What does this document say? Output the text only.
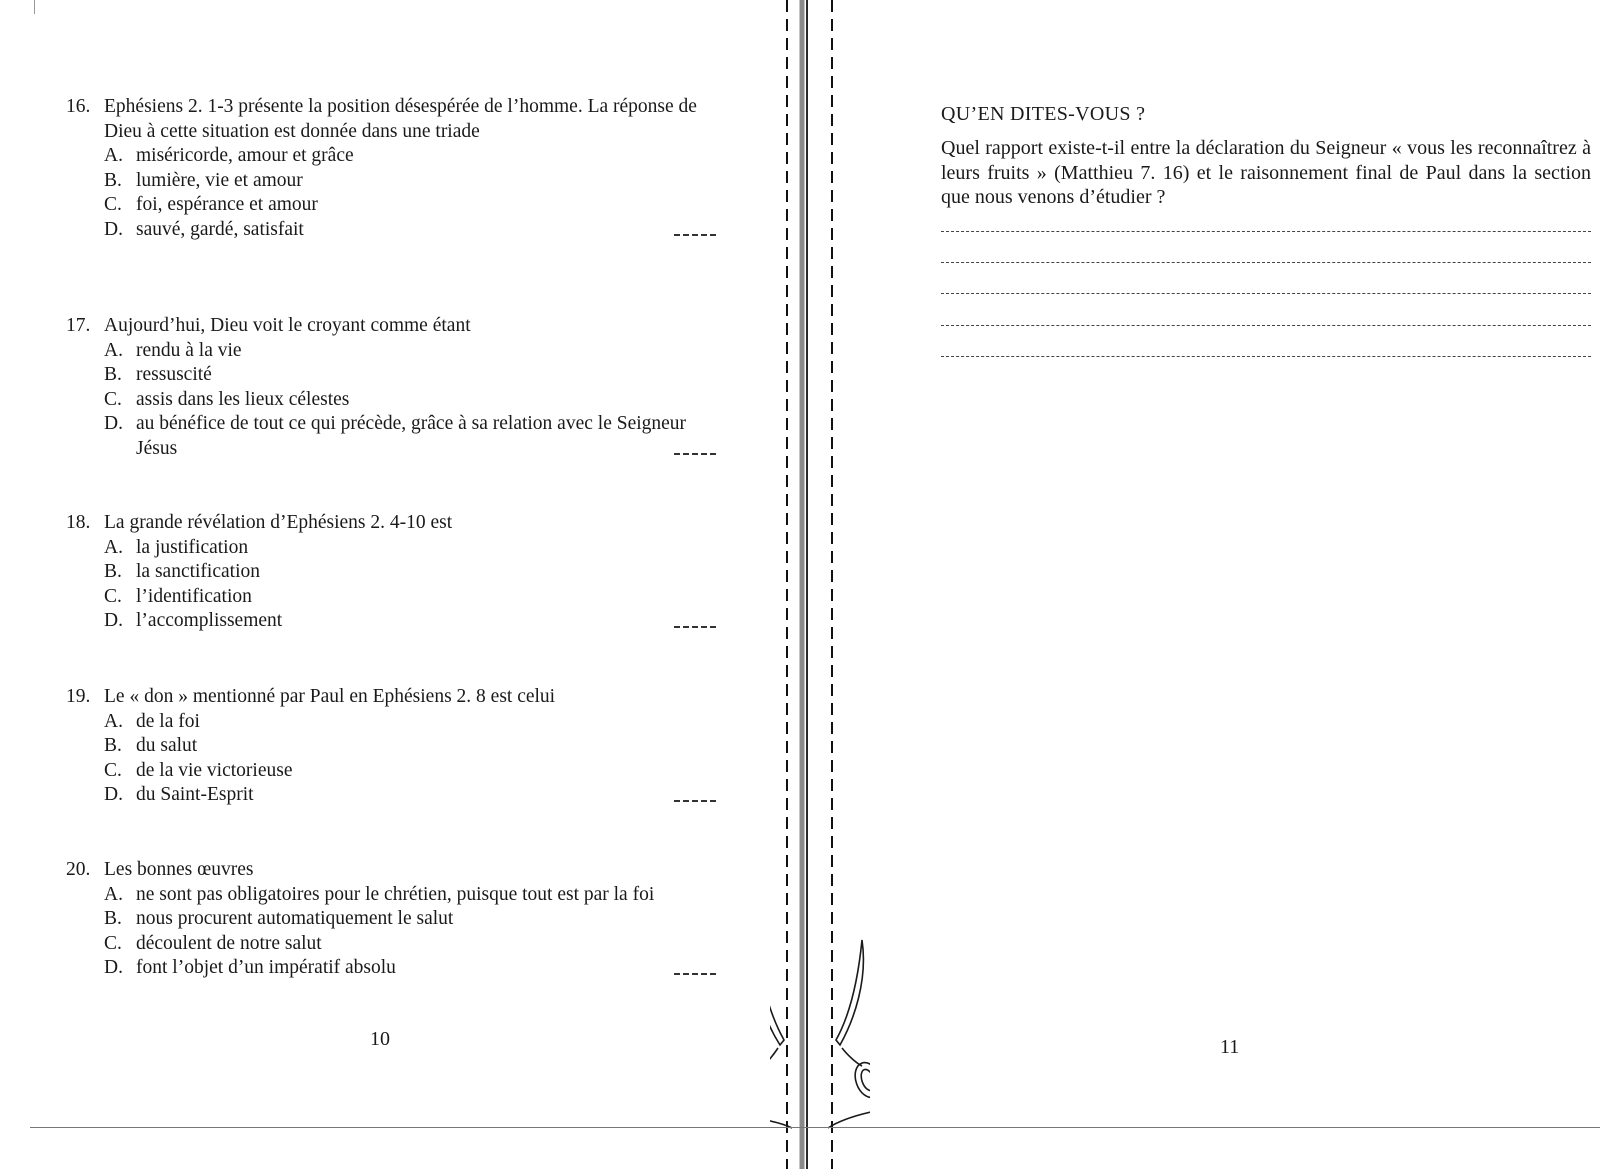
16. Ephésiens 2. 1-3 présente la position désespérée de l’homme. La réponse de Dieu à cette situation est donnée dans une triade
A. miséricorde, amour et grâce
B. lumière, vie et amour
C. foi, espérance et amour
D. sauvé, gardé, satisfait
17. Aujourd’hui, Dieu voit le croyant comme étant
A. rendu à la vie
B. ressuscité
C. assis dans les lieux célestes
D. au bénéfice de tout ce qui précède, grâce à sa relation avec le Seigneur Jésus
18. La grande révélation d’Ephésiens 2. 4-10 est
A. la justification
B. la sanctification
C. l’identification
D. l’accomplissement
19. Le « don » mentionné par Paul en Ephésiens 2. 8 est celui
A. de la foi
B. du salut
C. de la vie victorieuse
D. du Saint-Esprit
20. Les bonnes œuvres
A. ne sont pas obligatoires pour le chrétien, puisque tout est par la foi
B. nous procurent automatiquement le salut
C. découlent de notre salut
D. font l’objet d’un impératif absolu
10
QU’EN DITES-VOUS ?
Quel rapport existe-t-il entre la déclaration du Seigneur « vous les reconnaîtrez à leurs fruits » (Matthieu 7. 16) et le raisonnement final de Paul dans la section que nous venons d’étudier ?
11
